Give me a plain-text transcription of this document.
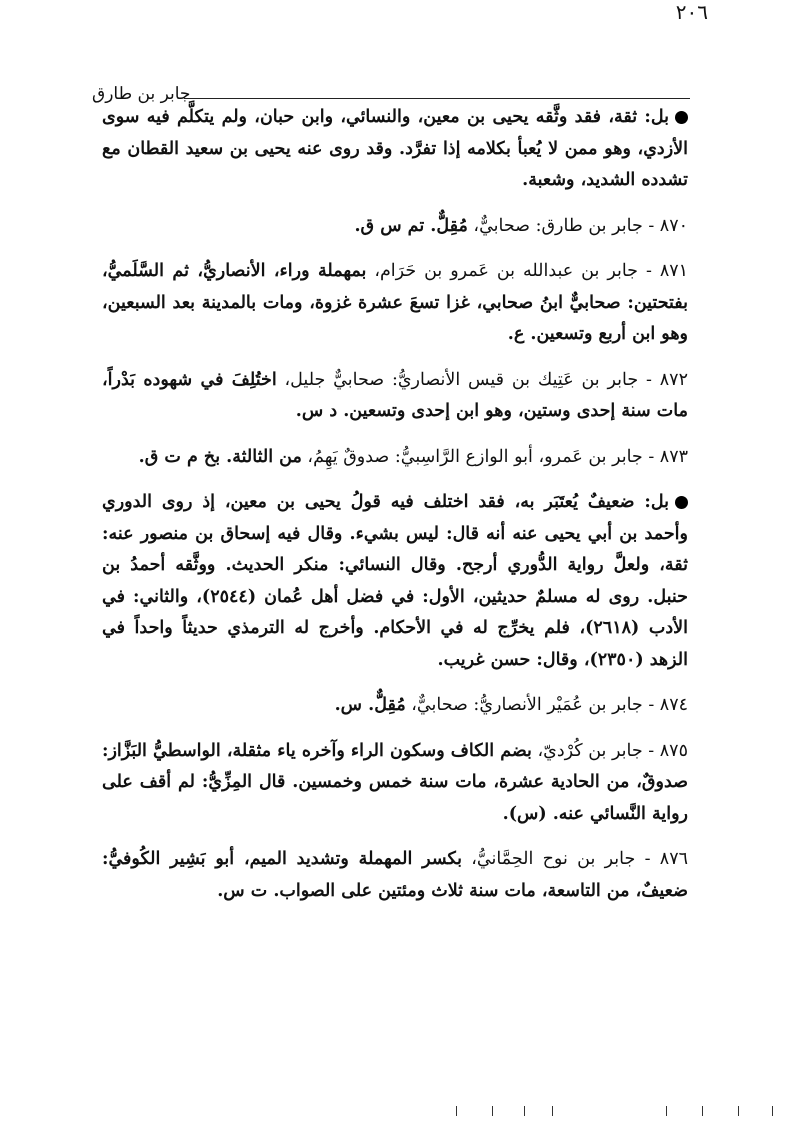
٢٠٦
جابر بن طارق

بل: ثقة، فقد وثَّقه يحيى بن معين، والنسائي، وابن حبان، ولم يتكلَّم فيه سوى الأزدي، وهو ممن لا يُعبأ بكلامه إذا تفرَّد. وقد روى عنه يحيى بن سعيد القطان مع تشدده الشديد، وشعبة.

٨٧٠ - جابر بن طارق: صحابيٌّ، مُقِلٌّ. تم س ق.

٨٧١ - جابر بن عبدالله بن عَمرو بن حَرَام، بمهملة وراء، الأنصاريُّ، ثم السَّلَميُّ، بفتحتين: صحابيٌّ ابنُ صحابي، غزا تسعَ عشرة غزوة، ومات بالمدينة بعد السبعين، وهو ابن أربع وتسعين. ع.

٨٧٢ - جابر بن عَتِيك بن قيس الأنصاريُّ: صحابيٌّ جليل، اختُلِفَ في شهوده بَدْراً، مات سنة إحدى وستين، وهو ابن إحدى وتسعين. د س.

٨٧٣ - جابر بن عَمرو، أبو الوازع الرَّاسِبيُّ: صدوقٌ يَهِمُ، من الثالثة. بخ م ت ق.

بل: ضعيفٌ يُعتَبَر به، فقد اختلف فيه قولُ يحيى بن معين، إذ روى الدوري وأحمد بن أبي يحيى عنه أنه قال: ليس بشيء. وقال فيه إسحاق بن منصور عنه: ثقة، ولعلَّ رواية الدُّوري أرجح. وقال النسائي: منكر الحديث. ووثَّقه أحمدُ بن حنبل. روى له مسلمٌ حديثين، الأول: في فضل أهل عُمان (٢٥٤٤)، والثاني: في الأدب (٢٦١٨)، فلم يخرِّج له في الأحكام. وأخرج له الترمذي حديثاً واحداً في الزهد (٢٣٥٠)، وقال: حسن غريب.

٨٧٤ - جابر بن عُمَيْر الأنصاريُّ: صحابيٌّ، مُقِلٌّ. س.

٨٧٥ - جابر بن كُرْديّ، بضم الكاف وسكون الراء وآخره ياء مثقلة، الواسطيُّ البَزَّاز: صدوقٌ، من الحادية عشرة، مات سنة خمس وخمسين. قال المِزِّيُّ: لم أقف على رواية النَّسائي عنه. (س).

٨٧٦ - جابر بن نوح الحِمَّانيُّ، بكسر المهملة وتشديد الميم، أبو بَشِير الكُوفيُّ: ضعيفٌ، من التاسعة، مات سنة ثلاث ومئتين على الصواب. ت س.
